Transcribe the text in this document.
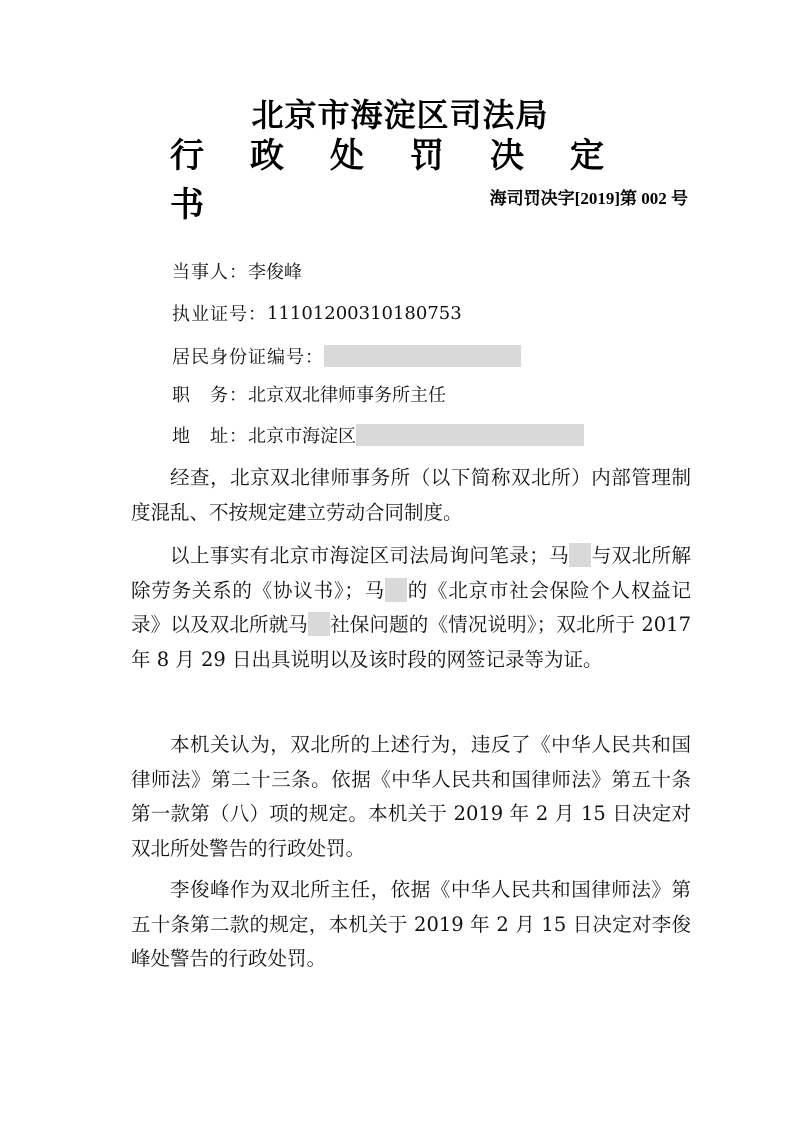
北京市海淀区司法局
行政处罚决定书	海司罚决字[2019]第 002 号
当事人： 李俊峰
执业证号： 11101200310180753
居民身份证编号：
职　务： 北京双北律师事务所主任
地　址： 北京市海淀区
经查，北京双北律师事务所（以下简称双北所）内部管理制度混乱、不按规定建立劳动合同制度。
以上事实有北京市海淀区司法局询问笔录；马 与双北所解除劳务关系的《协议书》；马 的《北京市社会保险个人权益记录》以及双北所就马 社保问题的《情况说明》；双北所于 2017 年 8 月 29 日出具说明以及该时段的网签记录等为证。
本机关认为，双北所的上述行为，违反了《中华人民共和国律师法》第二十三条。依据《中华人民共和国律师法》第五十条第一款第（八）项的规定。本机关于 2019 年 2 月 15 日决定对双北所处警告的行政处罚。
李俊峰作为双北所主任，依据《中华人民共和国律师法》第五十条第二款的规定，本机关于 2019 年 2 月 15 日决定对李俊峰处警告的行政处罚。
